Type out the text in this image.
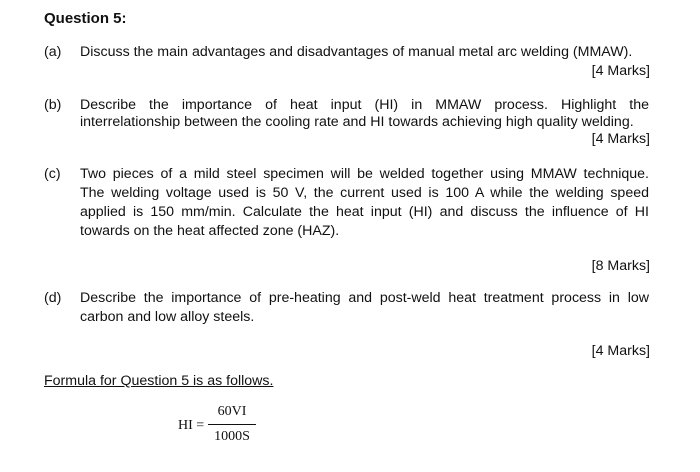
Question 5:
(a) Discuss the main advantages and disadvantages of manual metal arc welding (MMAW).
[4 Marks]
(b) Describe the importance of heat input (HI) in MMAW process. Highlight the
interrelationship between the cooling rate and HI towards achieving high quality welding.
[4 Marks]
(c) Two pieces of a mild steel specimen will be welded together using MMAW technique.
The welding voltage used is 50 V, the current used is 100 A while the welding speed
applied is 150 mm/min. Calculate the heat input (HI) and discuss the influence of HI
towards on the heat affected zone (HAZ).
[8 Marks]
(d) Describe the importance of pre-heating and post-weld heat treatment process in low
carbon and low alloy steels.
[4 Marks]
Formula for Question 5 is as follows.
HI =
60VI
1000S
